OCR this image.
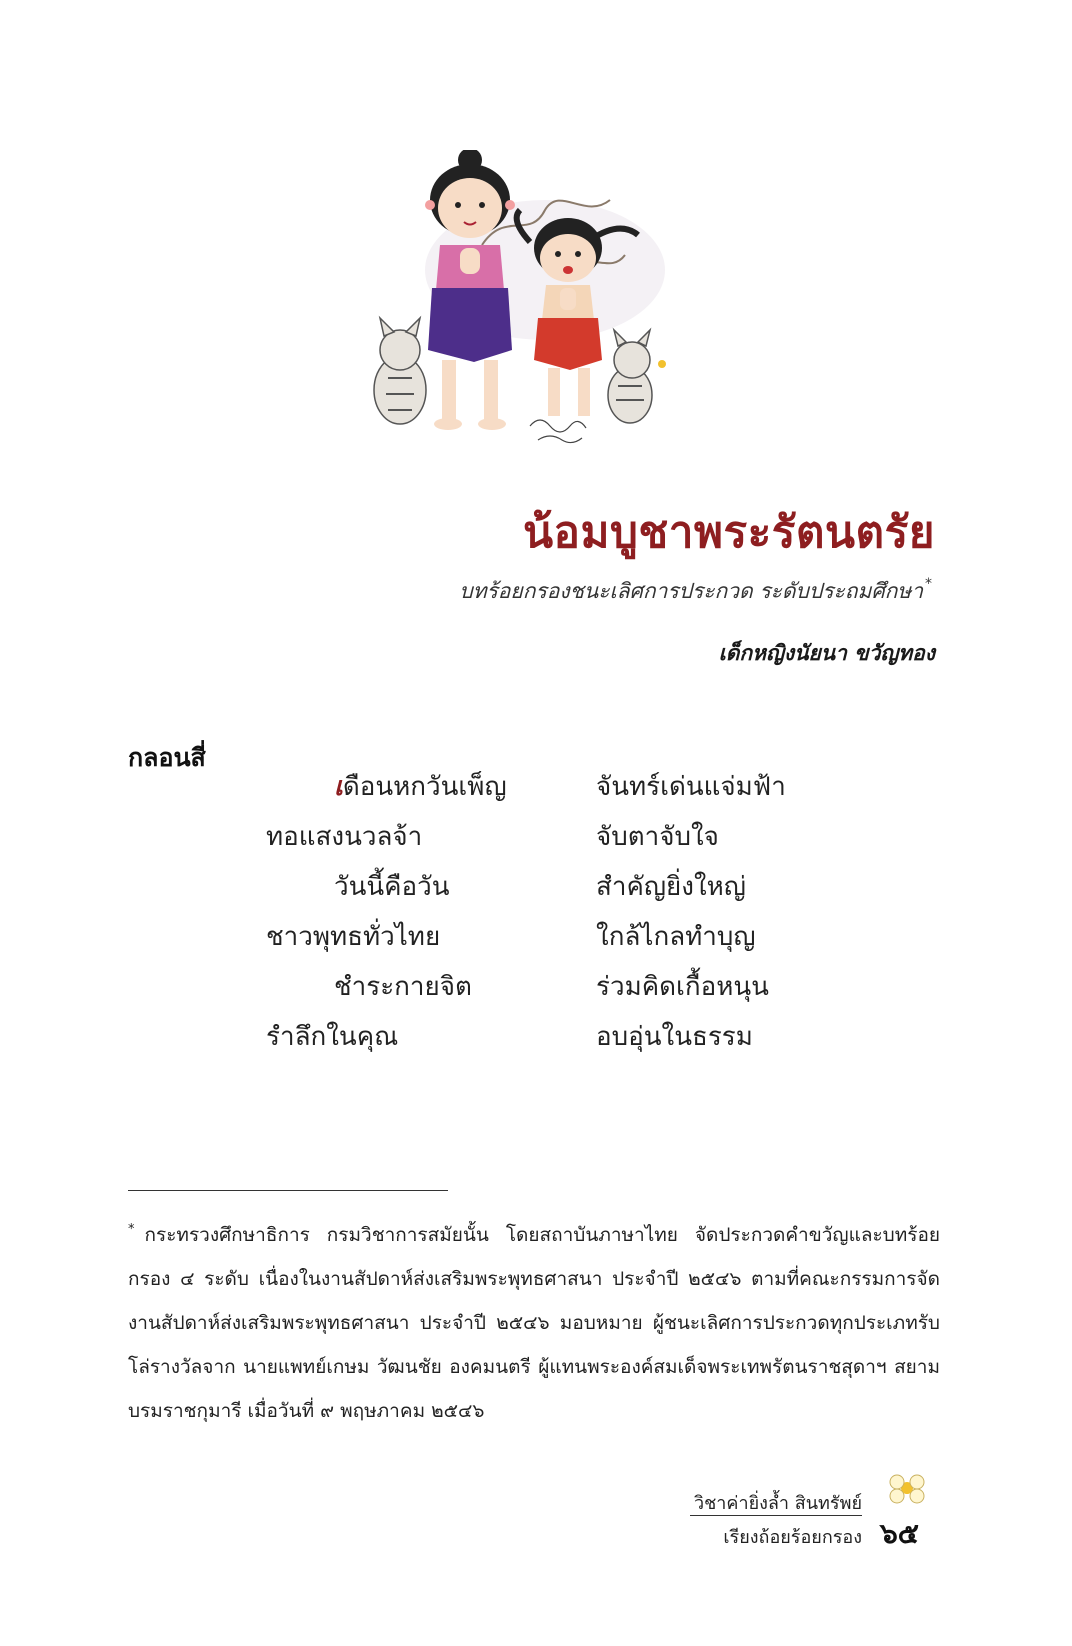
น้อมบูชาพระรัตนตรัย
บทร้อยกรองชนะเลิศการประกวด ระดับประถมศึกษา *
เด็กหญิงนัยนา ขวัญทอง
กลอนสี่
เดือนหกวันเพ็ญ	จันทร์เด่นแจ่มฟ้า
ทอแสงนวลจ้า	จับตาจับใจ
วันนี้คือวัน	สำคัญยิ่งใหญ่
ชาวพุทธทั่วไทย	ใกล้ไกลทำบุญ
ชำระกายจิต	ร่วมคิดเกื้อหนุน
รำลึกในคุณ	อบอุ่นในธรรม
* กระทรวงศึกษาธิการ กรมวิชาการสมัยนั้น โดยสถาบันภาษาไทย จัดประกวดคำขวัญและบทร้อยกรอง ๔ ระดับ เนื่องในงานสัปดาห์ส่งเสริมพระพุทธศาสนา ประจำปี ๒๕๔๖ ตามที่คณะกรรมการจัดงานสัปดาห์ส่งเสริมพระพุทธศาสนา ประจำปี ๒๕๔๖ มอบหมาย ผู้ชนะเลิศการประกวดทุกประเภทรับโล่รางวัลจาก นายแพทย์เกษม วัฒนชัย องคมนตรี ผู้แทนพระองค์สมเด็จพระเทพรัตนราชสุดาฯ สยามบรมราชกุมารี เมื่อวันที่ ๙ พฤษภาคม ๒๕๔๖
วิชาค่ายิ่งล้ำ สินทรัพย์
เรียงถ้อยร้อยกรอง ๖๕
